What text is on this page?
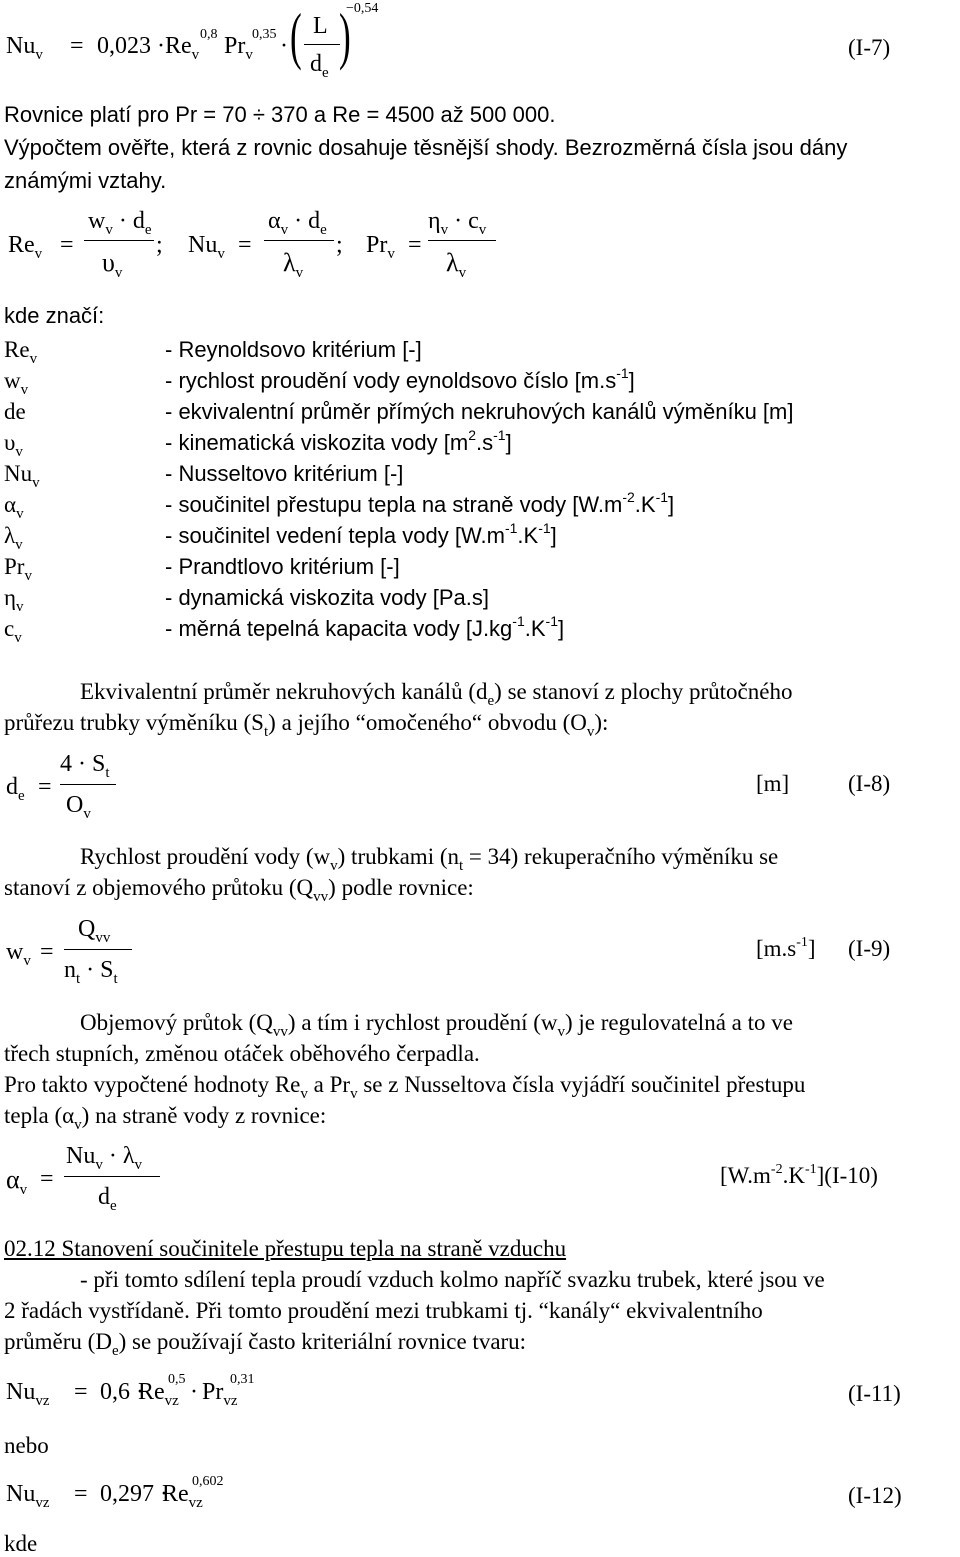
$Nu_v = 0,023 \cdot Re_v$
0,8 $Pr_v$
0,35 · ( L
$d_e$
)
−0,54
(I-7)
Rovnice platí pro Pr = 70 ÷ 370 a Re = 4500 až 500 000.
Výpočtem ověřte, která z rovnic dosahuje těsnější shody. Bezrozměrná čísla jsou dány
známými vztahy.
$Re_v$ =
$w_v \cdot d_e$
$\upsilon_v$
; $Nu_v$ =
$\alpha_v \cdot d_e$
$\lambda_v$
; $Pr_v$ =
$\eta_v \cdot c_v$
$\lambda_v$
kde značí:
$Re_v$	- Reynoldsovo kritérium [-]
$w_v$	- rychlost proudění vody eynoldsovo číslo $[m.s^{-1}]$
de	- ekvivalentní průměr přímých nekruhových kanálů výměníku [m]
$\upsilon_v$	- kinematická viskozita vody $[m^2.s^{-1}]$
$Nu_v$	- Nusseltovo kritérium [-]
$\alpha_v$	- součinitel přestupu tepla na straně vody $[W.m^{-2}.K^{-1}]$
$\lambda_v$	- součinitel vedení tepla vody $[W.m^{-1}.K^{-1}]$
$Pr_v$	- Prandtlovo kritérium [-]
$\eta_v$	- dynamická viskozita vody [Pa.s]
$c_v$	- měrná tepelná kapacita vody $[J.kg^{-1}.K^{-1}]$
Ekvivalentní průměr nekruhových kanálů $(d_e)$ se stanoví z plochy průtočného
průřezu trubky výměníku $(S_t)$ a jejího “omočeného“ obvodu $(O_v)$:
$d_e$ =
$4 \cdot S_t$
$O_v$
[m]	(I-8)
Rychlost proudění vody $(w_v)$ trubkami $(n_t = 34)$ rekuperačního výměníku se
stanoví z objemového průtoku $(Q_{vv})$ podle rovnice:
$w_v$ =
$Q_{vv}$
$n_t \cdot S_t$
$[m.s^{-1}]$ (I-9)
Objemový průtok $(Q_{vv})$ a tím i rychlost proudění $(w_v)$ je regulovatelná a to ve
třech stupních, změnou otáček oběhového čerpadla.
Pro takto vypočtené hodnoty $Re_v$ a $Pr_v$ se z Nusseltova čísla vyjádří součinitel přestupu
tepla $(\alpha_v)$ na straně vody z rovnice:
$\alpha_v$ =
$Nu_v \cdot \lambda_v$
$d_e$
$[W.m^{-2}.K^{-1}](I-10)$
02.12 Stanovení součinitele přestupu tepla na straně vzduchu
- při tomto sdílení tepla proudí vzduch kolmo napříč svazku trubek, které jsou ve
2 řadách vystřídaně. Při tomto proudění mezi trubkami tj. “kanály“ ekvivalentního
průměru $(D_e)$ se používají často kriteriální rovnice tvaru:
$Nu_{vz} = 0,6$ ·
$Re_{vz}$
$0,5 \cdot Pr_{vz}$
0,31
(I-11)
nebo
$Nu_{vz} = 0,297$ ·
$Re_{vz}$
0,602
(I-12)
kde
